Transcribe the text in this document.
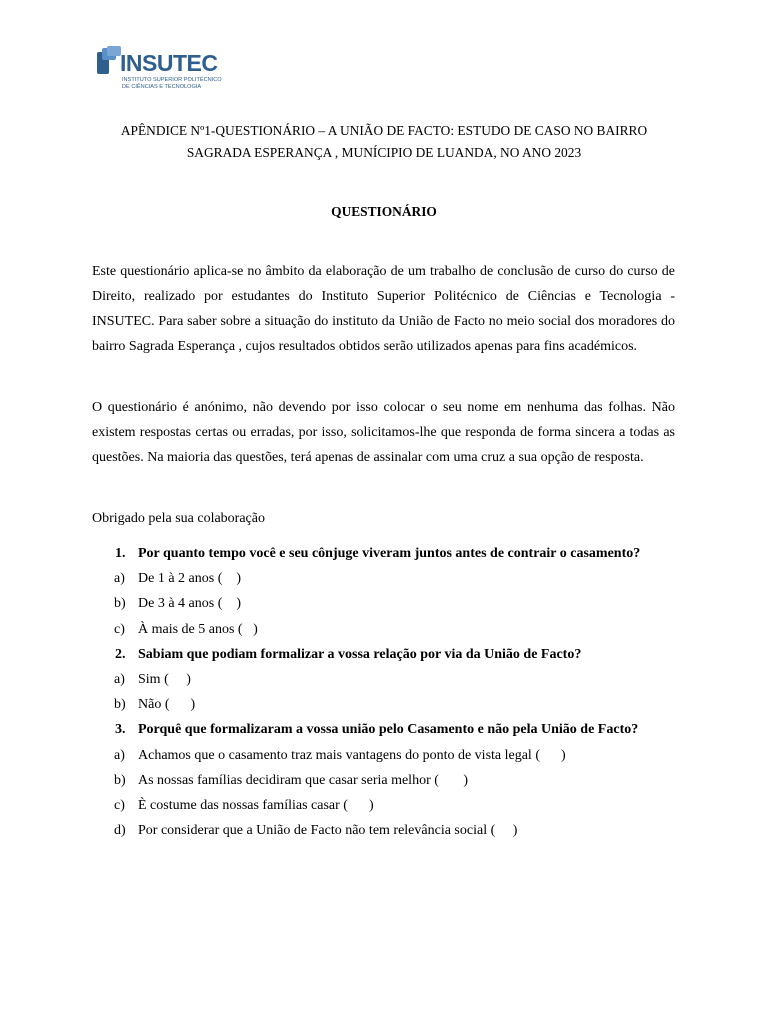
INSUTEC
INSTITUTO SUPERIOR POLITÉCNICO
DE CIÊNCIAS E TECNOLOGIA
APÊNDICE Nº1-QUESTIONÁRIO – A UNIÃO DE FACTO: ESTUDO DE CASO NO BAIRRO
SAGRADA ESPERANÇA , MUNÍCIPIO DE LUANDA, NO ANO 2023
QUESTIONÁRIO
Este questionário aplica-se no âmbito da elaboração de um trabalho de conclusão de curso do curso de Direito, realizado por estudantes do Instituto Superior Politécnico de Ciências e Tecnologia - INSUTEC. Para saber sobre a situação do instituto da União de Facto no meio social dos moradores do bairro Sagrada Esperança , cujos resultados obtidos serão utilizados apenas para fins académicos.
O questionário é anónimo, não devendo por isso colocar o seu nome em nenhuma das folhas. Não existem respostas certas ou erradas, por isso, solicitamos-lhe que responda de forma sincera a todas as questões. Na maioria das questões, terá apenas de assinalar com uma cruz a sua opção de resposta.
Obrigado pela sua colaboração
1. Por quanto tempo você e seu cônjuge viveram juntos antes de contrair o casamento?
a) De 1 à 2 anos (    )
b) De 3 à 4 anos (    )
c) À mais de 5 anos (   )
2. Sabiam que podiam formalizar a vossa relação por via da União de Facto?
a) Sim (     )
b) Não (      )
3. Porquê que formalizaram a vossa união pelo Casamento e não pela União de Facto?
a) Achamos que o casamento traz mais vantagens do ponto de vista legal (      )
b) As nossas famílias decidiram que casar seria melhor (       )
c) È costume das nossas famílias casar (      )
d) Por considerar que a União de Facto não tem relevância social (     )
